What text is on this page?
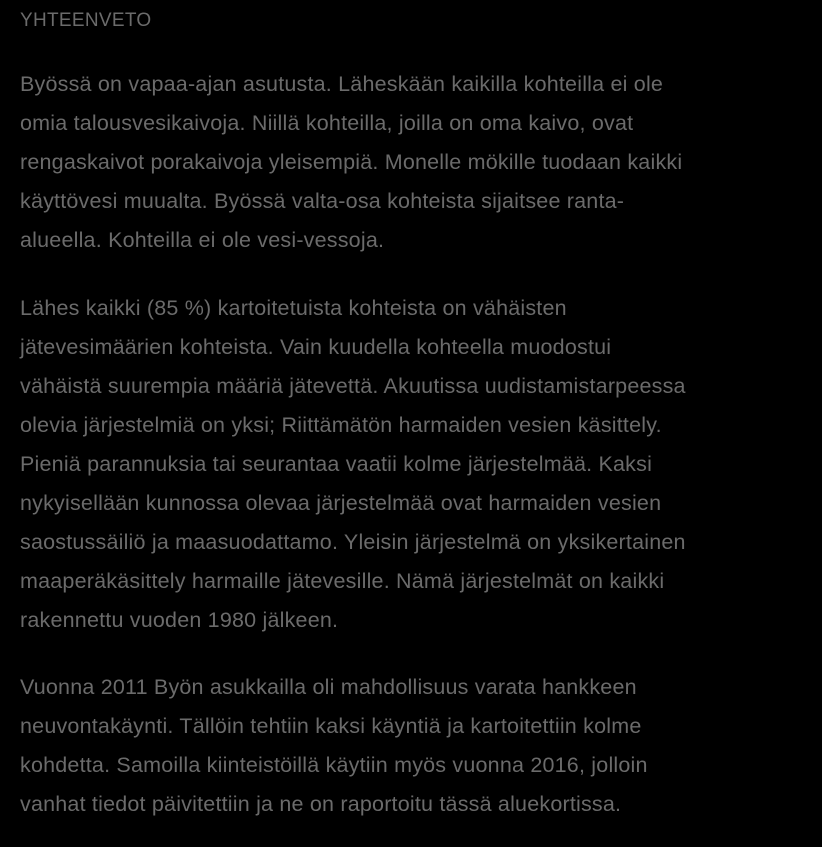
YHTEENVETO

Byössä on vapaa-ajan asutusta. Läheskään kaikilla kohteilla ei ole
omia talousvesikaivoja. Niillä kohteilla, joilla on oma kaivo, ovat
rengaskaivot porakaivoja yleisempiä. Monelle mökille tuodaan kaikki
käyttövesi muualta. Byössä valta-osa kohteista sijaitsee ranta-
alueella. Kohteilla ei ole vesi-vessoja.

Lähes kaikki (85 %) kartoitetuista kohteista on vähäisten
jätevesimäärien kohteista. Vain kuudella kohteella muodostui
vähäistä suurempia määriä jätevettä. Akuutissa uudistamistarpeessa
olevia järjestelmiä on yksi; Riittämätön harmaiden vesien käsittely.
Pieniä parannuksia tai seurantaa vaatii kolme järjestelmää. Kaksi
nykyisellään kunnossa olevaa järjestelmää ovat harmaiden vesien
saostussäiliö ja maasuodattamo. Yleisin järjestelmä on yksikertainen
maaperäkäsittely harmaille jätevesille. Nämä järjestelmät on kaikki
rakennettu vuoden 1980 jälkeen.

Vuonna 2011 Byön asukkailla oli mahdollisuus varata hankkeen
neuvontakäynti. Tällöin tehtiin kaksi käyntiä ja kartoitettiin kolme
kohdetta. Samoilla kiinteistöillä käytiin myös vuonna 2016, jolloin
vanhat tiedot päivitettiin ja ne on raportoitu tässä aluekortissa.
